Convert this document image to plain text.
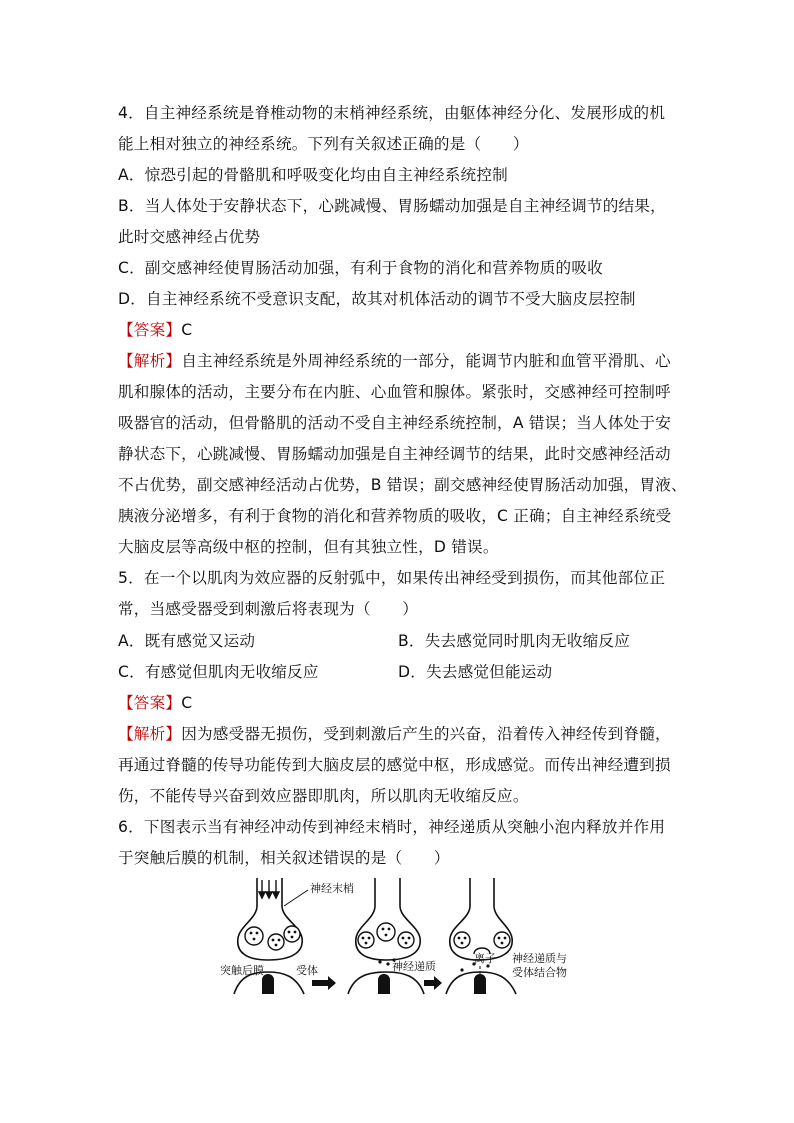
4．自主神经系统是脊椎动物的末梢神经系统，由躯体神经分化、发展形成的机
能上相对独立的神经系统。下列有关叙述正确的是（　　）
A．惊恐引起的骨骼肌和呼吸变化均由自主神经系统控制
B．当人体处于安静状态下，心跳减慢、胃肠蠕动加强是自主神经调节的结果，
此时交感神经占优势
C．副交感神经使胃肠活动加强，有利于食物的消化和营养物质的吸收
D．自主神经系统不受意识支配，故其对机体活动的调节不受大脑皮层控制
【答案】C
【解析】自主神经系统是外周神经系统的一部分，能调节内脏和血管平滑肌、心
肌和腺体的活动，主要分布在内脏、心血管和腺体。紧张时，交感神经可控制呼
吸器官的活动，但骨骼肌的活动不受自主神经系统控制，A 错误；当人体处于安
静状态下，心跳减慢、胃肠蠕动加强是自主神经调节的结果，此时交感神经活动
不占优势，副交感神经活动占优势，B 错误；副交感神经使胃肠活动加强，胃液、
胰液分泌增多，有利于食物的消化和营养物质的吸收，C 正确；自主神经系统受
大脑皮层等高级中枢的控制，但有其独立性，D 错误。
5．在一个以肌肉为效应器的反射弧中，如果传出神经受到损伤，而其他部位正
常，当感受器受到刺激后将表现为（　　）
A．既有感觉又运动	B．失去感觉同时肌肉无收缩反应
C．有感觉但肌肉无收缩反应	D．失去感觉但能运动
【答案】C
【解析】因为感受器无损伤，受到刺激后产生的兴奋，沿着传入神经传到脊髓，
再通过脊髓的传导功能传到大脑皮层的感觉中枢，形成感觉。而传出神经遭到损
伤，不能传导兴奋到效应器即肌肉，所以肌肉无收缩反应。
6．下图表示当有神经冲动传到神经末梢时，神经递质从突触小泡内释放并作用
于突触后膜的机制，相关叙述错误的是（　　）
神经末梢
突触后膜	受体	神经递质
离子 神经递质与
受体结合物
